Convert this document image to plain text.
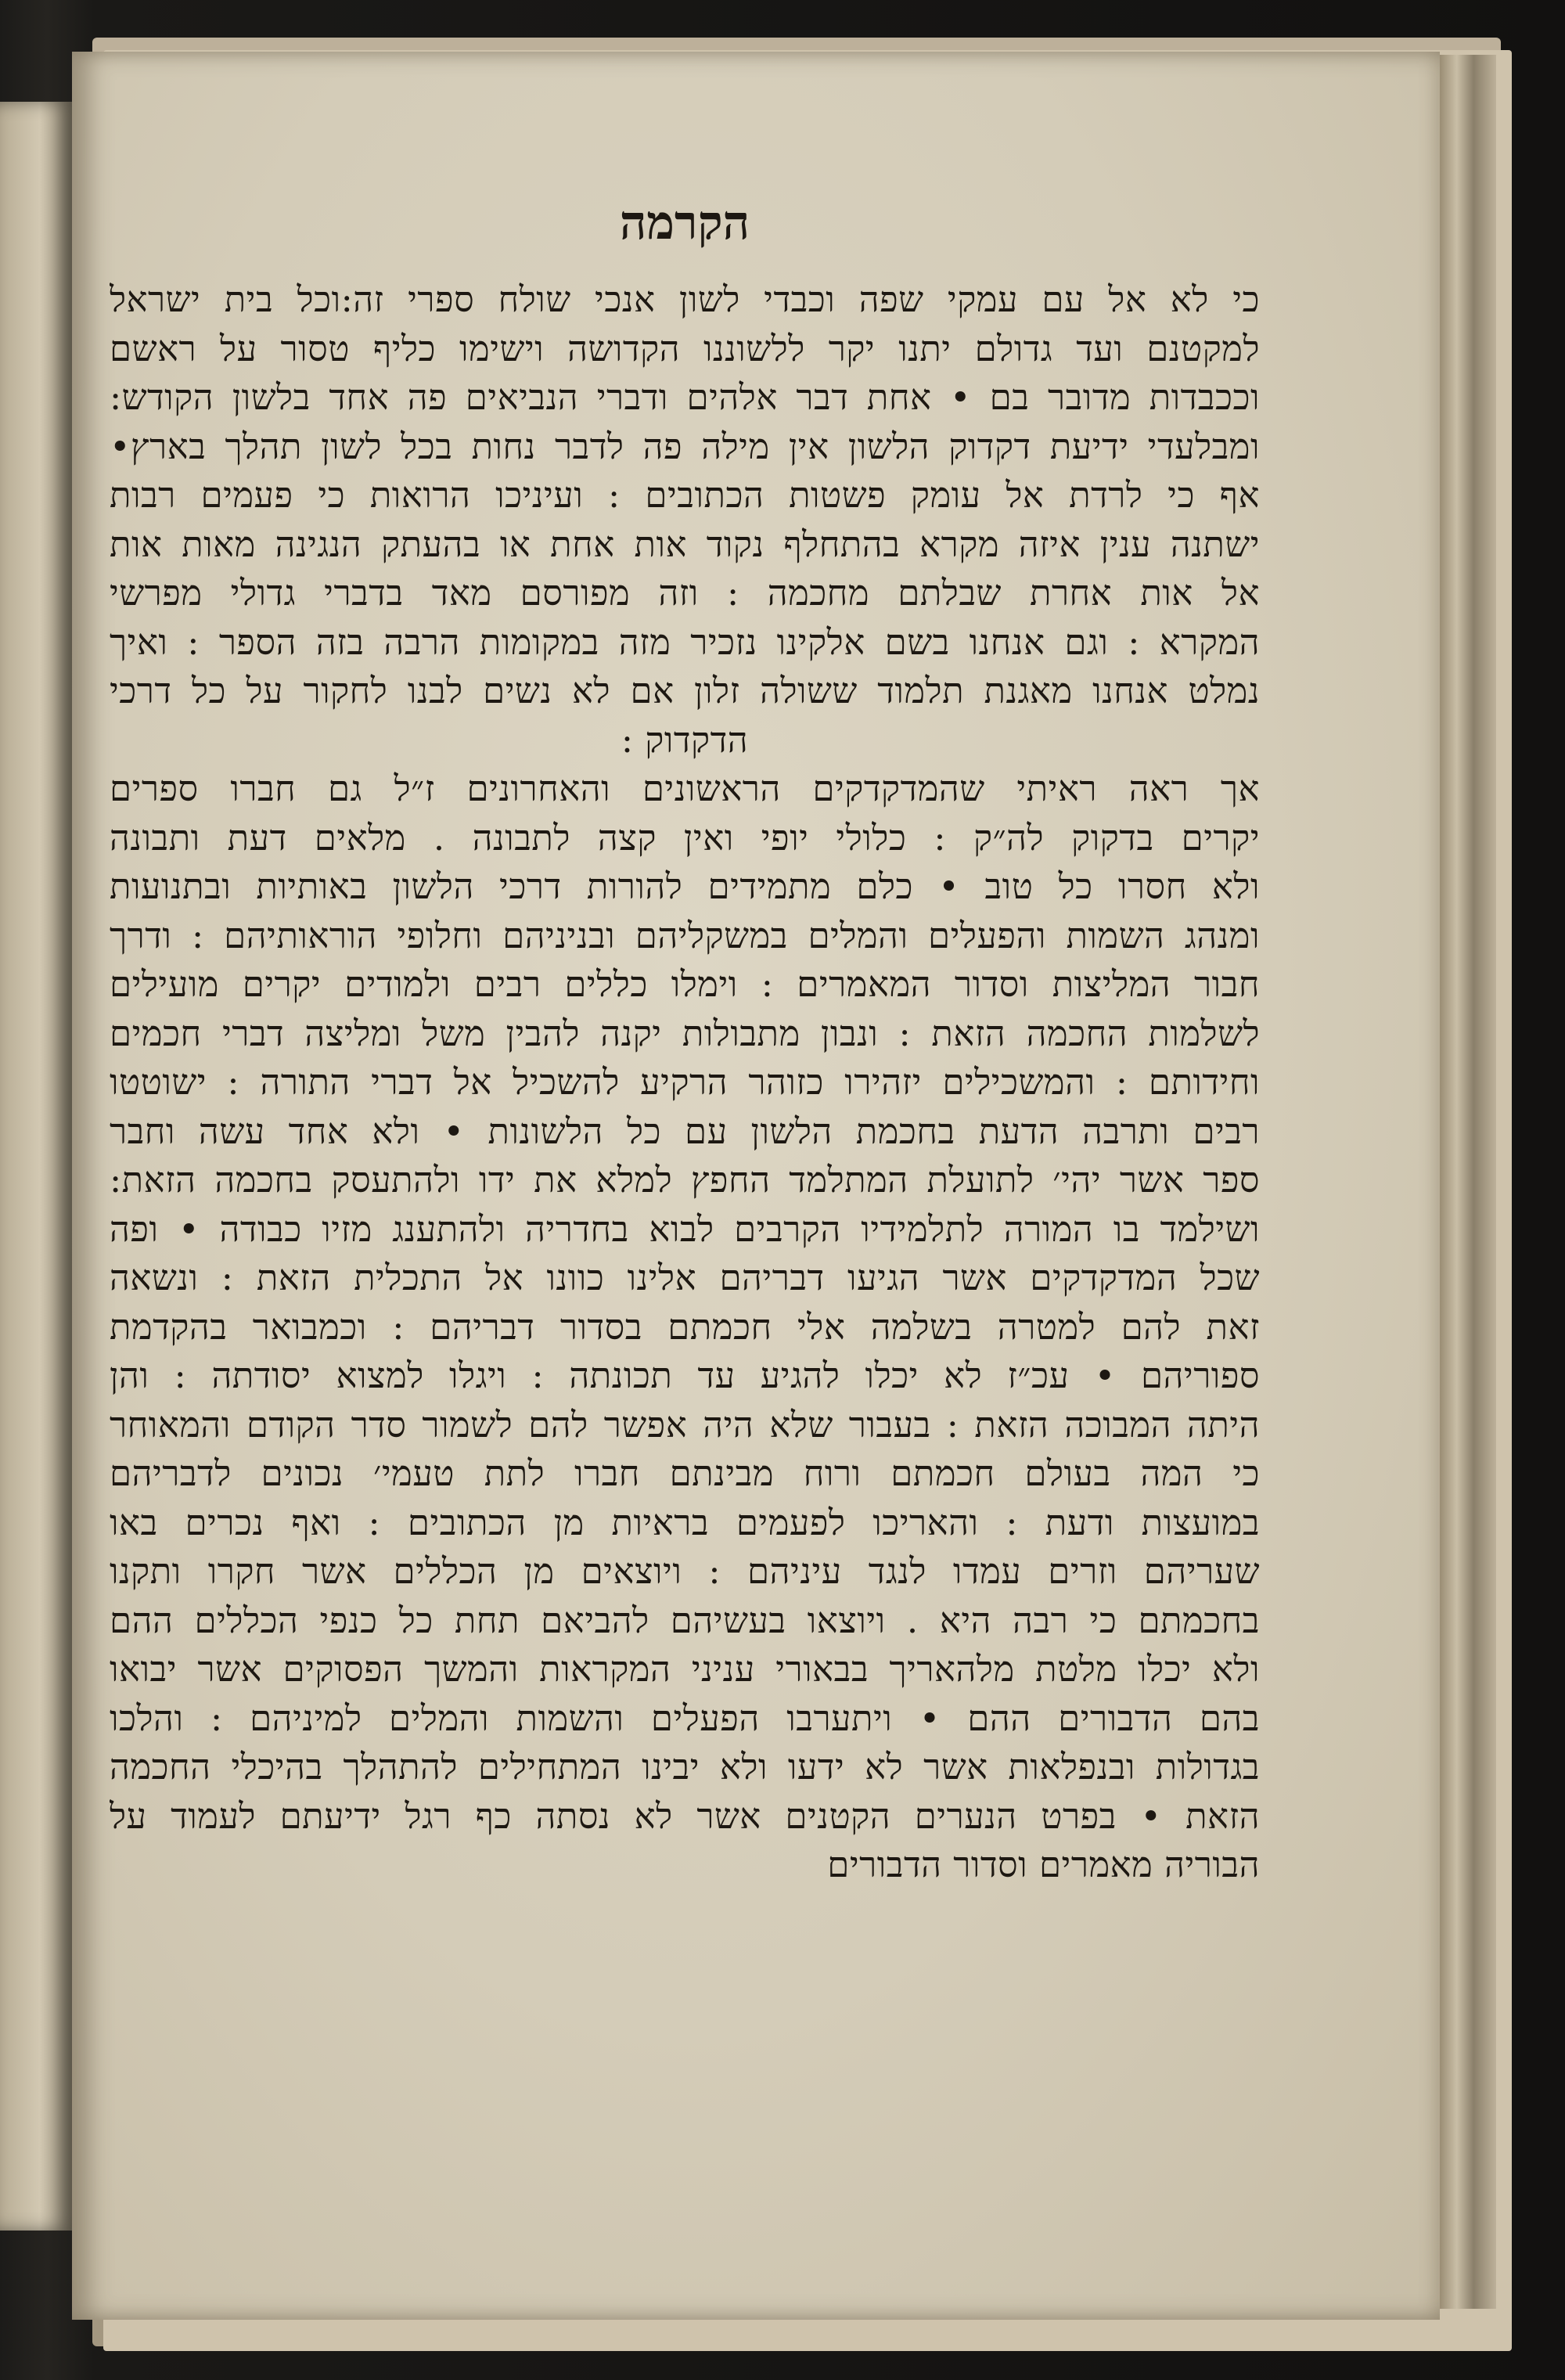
הקרמה
כי לא אל עם עמקי שפה וכבדי לשון אנכי שולח ספרי זה:וכל בית ישראל
למקטנם ועד גדולם יתנו יקר ללשוננו הקדושה וישימו כליף טסור על ראשם
וככבדות מדובר בם • אחת דבר אלהים ודברי הנביאים פה אחד בלשון הקודש:
ומבלעדי ידיעת דקדוק הלשון אין מילה פה לדבר נחות בכל לשון תהלך בארץ•
אף כי לרדת אל עומק פשטות הכתובים : ועיניכו הרואות כי פעמים רבות
ישתנה ענין איזה מקרא בהתחלף נקוד אות אחת או בהעתק הנגינה מאות אות
אל אות אחרת שבלתם מחכמה : וזה מפורסם מאד בדברי גדולי מפרשי
המקרא : וגם אנחנו בשם אלקינו נזכיר מזה במקומות הרבה בזה הספר : ואיך
נמלט אנחנו מאגנת תלמוד ששולה זלון אם לא נשים לבנו לחקור על כל דרכי
הדקדוק :
אך ראה ראיתי שהמדקדקים הראשונים והאחרונים ז״ל גם חברו ספרים
יקרים בדקוק לה״ק : כלולי יופי ואין קצה לתבונה . מלאים דעת ותבונה
ולא חסרו כל טוב • כלם מתמידים להורות דרכי הלשון באותיות ובתנועות
ומנהג השמות והפעלים והמלים במשקליהם ובניניהם וחלופי הוראותיהם : ודרך
חבור המליצות וסדור המאמרים : וימלו כללים רבים ולמודים יקרים מועילים
לשלמות החכמה הזאת : ונבון מתבולות יקנה להבין משל ומליצה דברי חכמים
וחידותם : והמשכילים יזהירו כזוהר הרקיע להשכיל אל דברי התורה : ישוטטו
רבים ותרבה הדעת בחכמת הלשון עם כל הלשונות • ולא אחד עשה וחבר
ספר אשר יהי׳ לתועלת המתלמד החפץ למלא את ידו ולהתעסק בחכמה הזאת:
ושילמד בו המורה לתלמידיו הקרבים לבוא בחדריה ולהתענג מזיו כבודה • ופה
שכל המדקדקים אשר הגיעו דבריהם אלינו כוונו אל התכלית הזאת : ונשאה
זאת להם למטרה בשלמה אלי חכמתם בסדור דבריהם : וכמבואר בהקדמת
ספוריהם • עכ״ז לא יכלו להגיע עד תכונתה : ויגלו למצוא יסודתה : והן
היתה המבוכה הזאת : בעבור שלא היה אפשר להם לשמור סדר הקודם והמאוחר
כי המה בעולם חכמתם ורוח מבינתם חברו לתת טעמי׳ נכונים לדבריהם
במועצות ודעת : והאריכו לפעמים בראיות מן הכתובים : ואף נכרים באו
שעריהם וזרים עמדו לנגד עיניהם : ויוצאים מן הכללים אשר חקרו ותקנו
בחכמתם כי רבה היא . ויוצאו בעשיהם להביאם תחת כל כנפי הכללים ההם
ולא יכלו מלטת מלהאריך בבאורי עניני המקראות והמשך הפסוקים אשר יבואו
בהם הדבורים ההם • ויתערבו הפעלים והשמות והמלים למיניהם : והלכו
בגדולות ובנפלאות אשר לא ידעו ולא יבינו המתחילים להתהלך בהיכלי החכמה
הזאת • בפרט הנערים הקטנים אשר לא נסתה כף רגל ידיעתם לעמוד על
הבוריה מאמרים וסדור הדבורים
